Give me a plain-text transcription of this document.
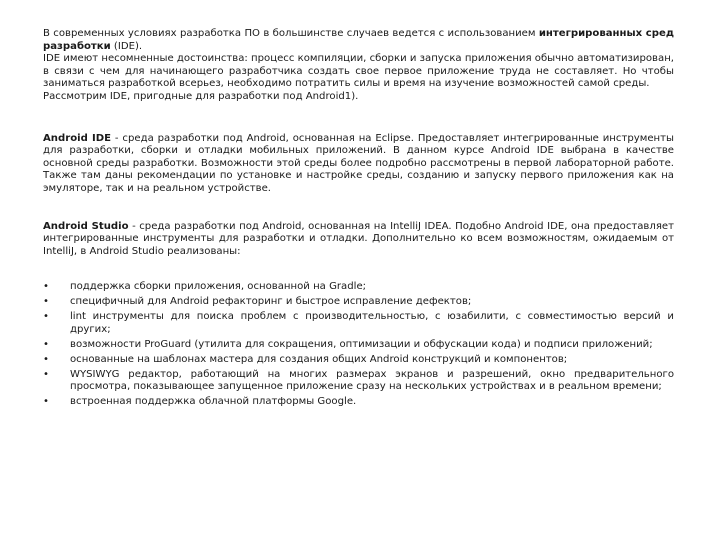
В современных условиях разработка ПО в большинстве случаев ведется с использованием интегрированных сред разработки (IDE).

IDE имеют несомненные достоинства: процесс компиляции, сборки и запуска приложения обычно автоматизирован, в связи с чем для начинающего разработчика создать свое первое приложение труда не составляет. Но чтобы заниматься разработкой всерьез, необходимо потратить силы и время на изучение возможностей самой среды.

Рассмотрим IDE, пригодные для разработки под Android1).

Android IDE - среда разработки под Android, основанная на Eclipse. Предоставляет интегрированные инструменты для разработки, сборки и отладки мобильных приложений. В данном курсе Android IDE выбрана в качестве основной среды разработки. Возможности этой среды более подробно рассмотрены в первой лабораторной работе. Также там даны рекомендации по установке и настройке среды, созданию и запуску первого приложения как на эмуляторе, так и на реальном устройстве.

Android Studio - среда разработки под Android, основанная на IntelliJ IDEA. Подобно Android IDE, она предоставляет интегрированные инструменты для разработки и отладки. Дополнительно ко всем возможностям, ожидаемым от IntelliJ, в Android Studio реализованы:

• поддержка сборки приложения, основанной на Gradle;
• специфичный для Android рефакторинг и быстрое исправление дефектов;
• lint инструменты для поиска проблем с производительностью, с юзабилити, с совместимостью версий и других;
• возможности ProGuard (утилита для сокращения, оптимизации и обфускации кода) и подписи приложений;
• основанные на шаблонах мастера для создания общих Android конструкций и компонентов;
• WYSIWYG редактор, работающий на многих размерах экранов и разрешений, окно предварительного просмотра, показывающее запущенное приложение сразу на нескольких устройствах и в реальном времени;
• встроенная поддержка облачной платформы Google.
